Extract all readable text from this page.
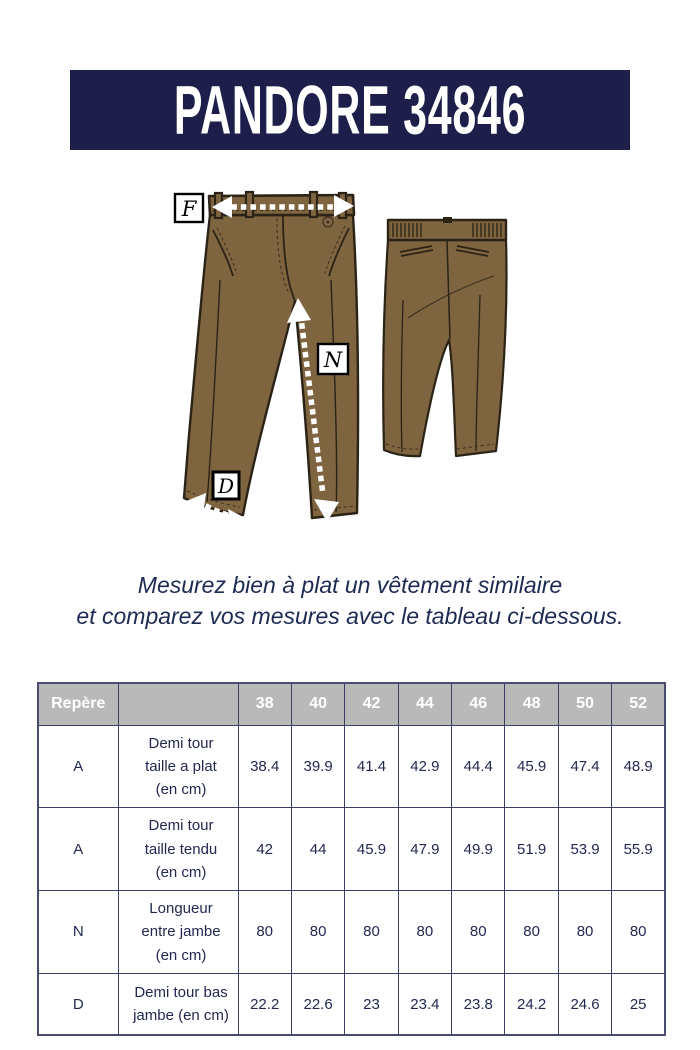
PANDORE 34846
F
N
D

Mesurez bien à plat un vêtement similaire
et comparez vos mesures avec le tableau ci-dessous.

Repère		38	40	42	44	46	48	50	52
A	Demi tour taille a plat (en cm)	38.4	39.9	41.4	42.9	44.4	45.9	47.4	48.9
A	Demi tour taille tendu (en cm)	42	44	45.9	47.9	49.9	51.9	53.9	55.9
N	Longueur entre jambe (en cm)	80	80	80	80	80	80	80	80
D	Demi tour bas jambe (en cm)	22.2	22.6	23	23.4	23.8	24.2	24.6	25
